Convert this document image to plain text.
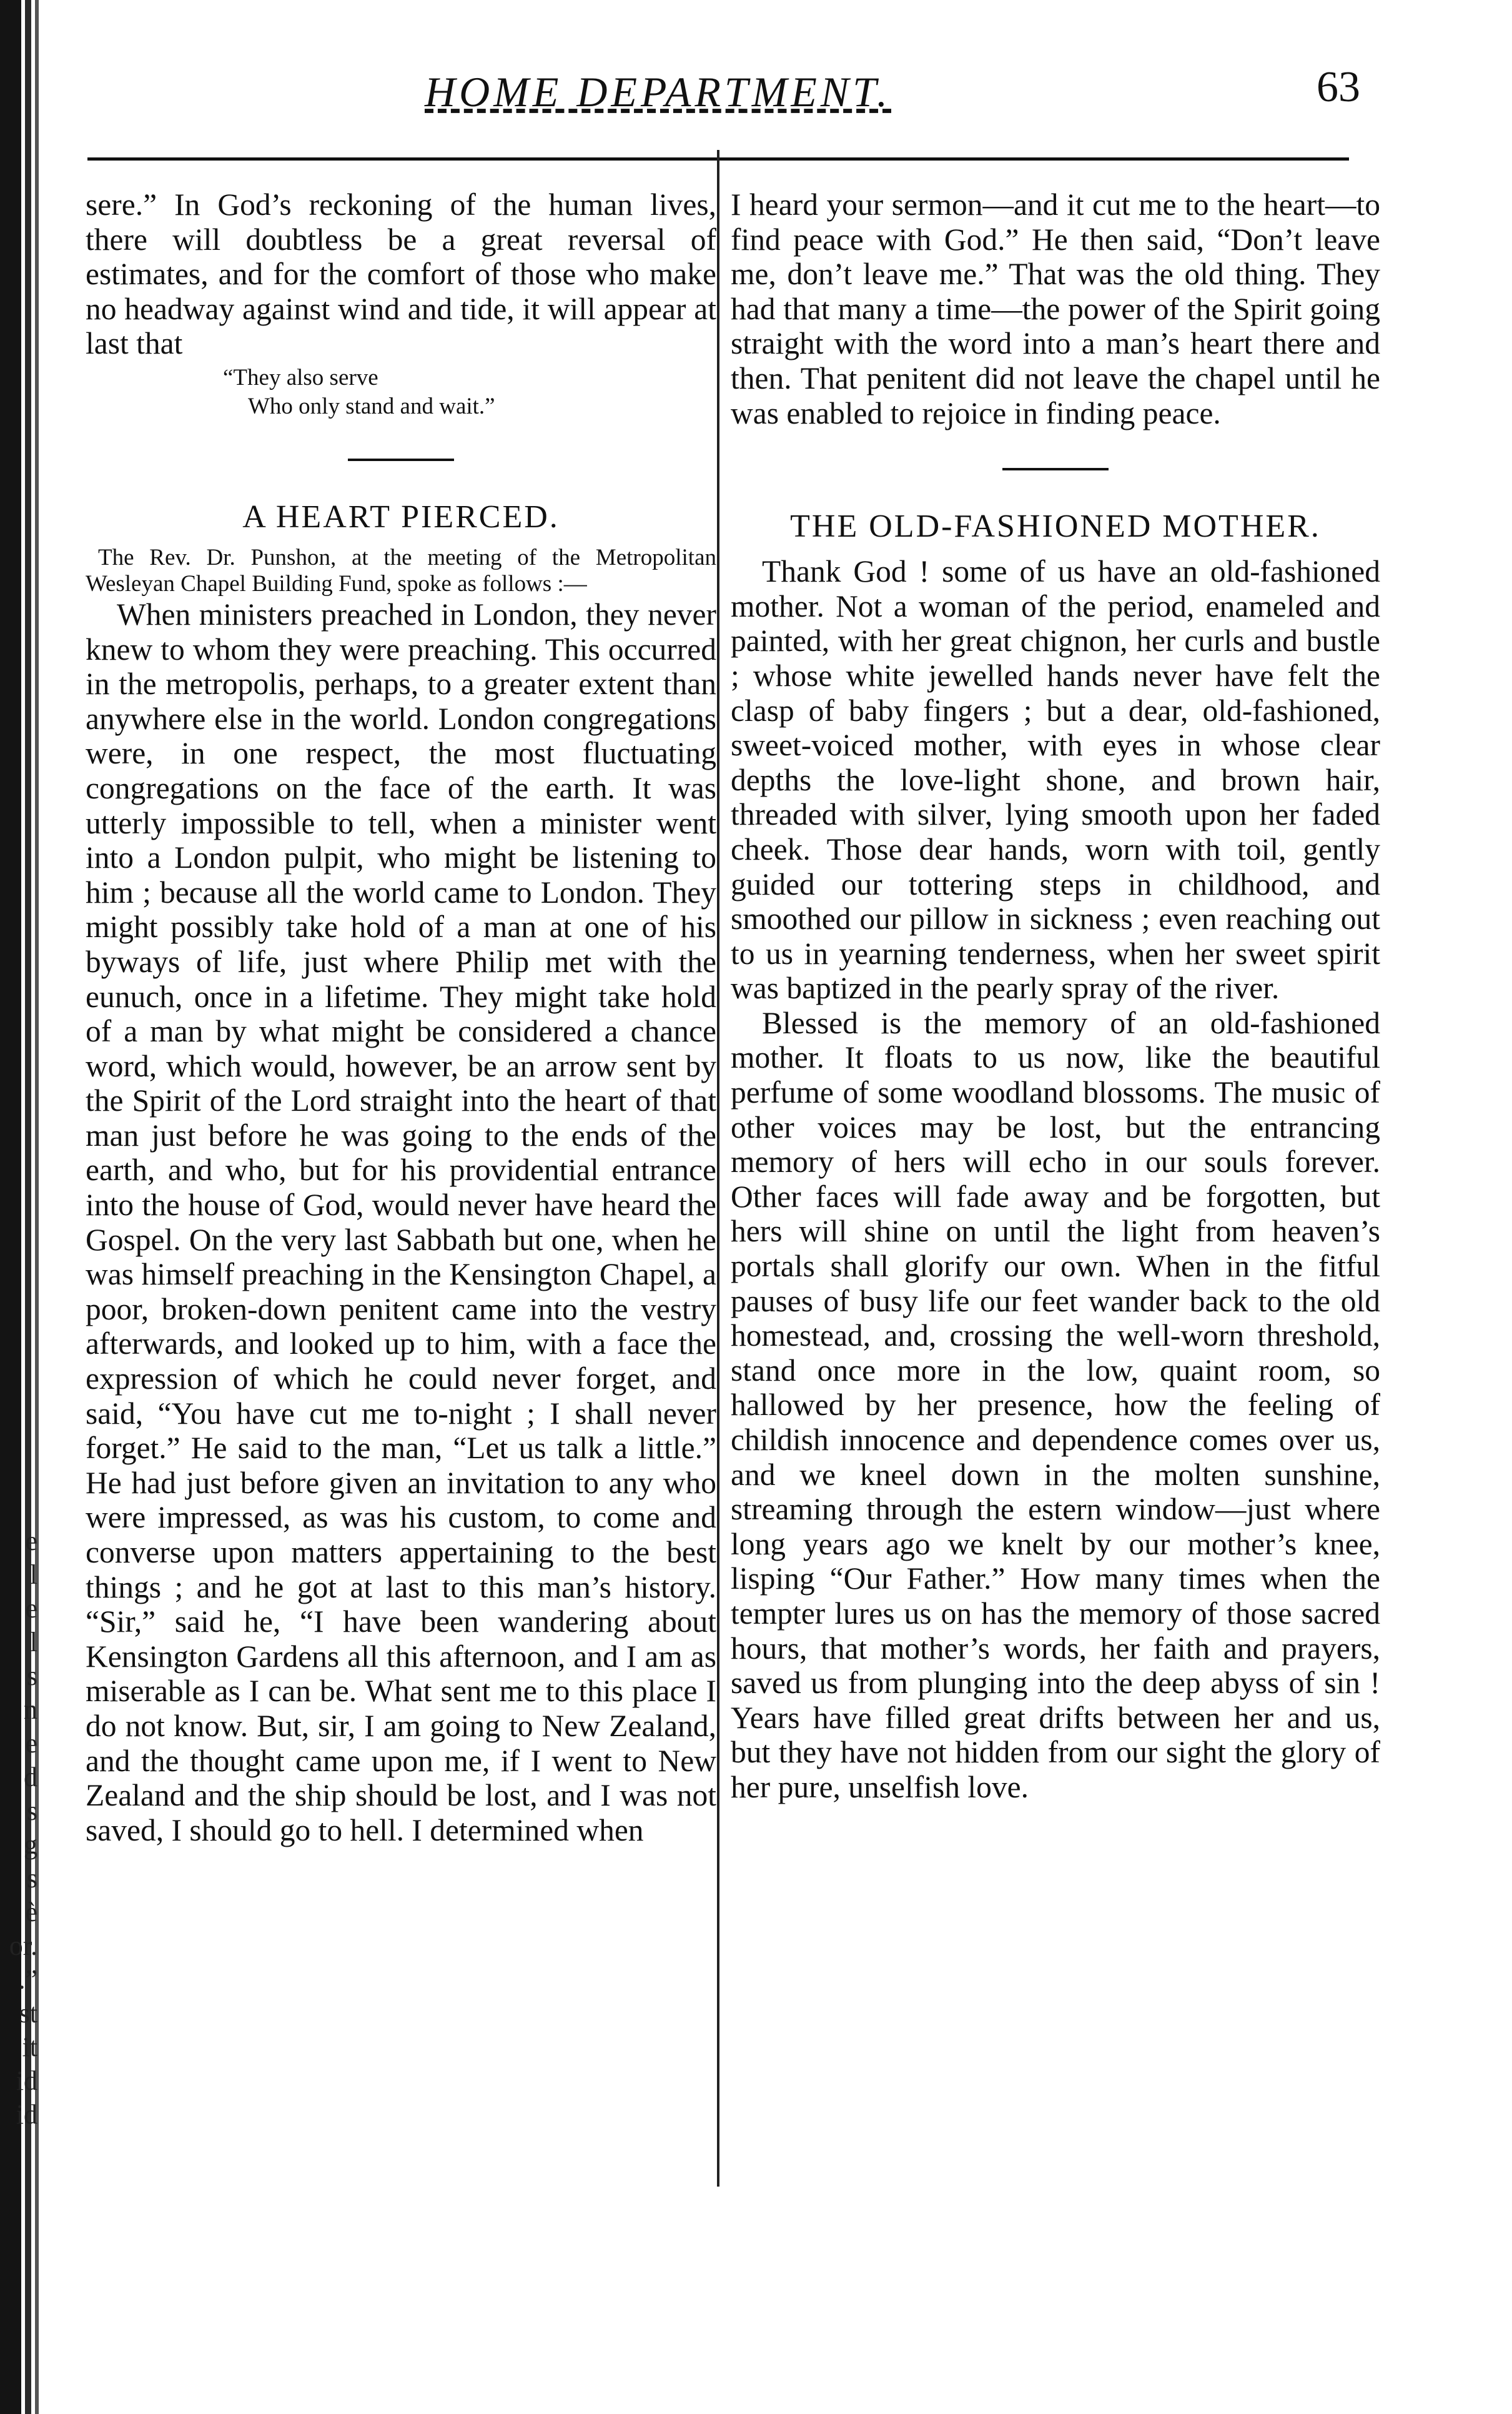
e
l
e
l
s
n
e
d
s
g
s
è
or.
.”
st
it
id
id
HOME DEPARTMENT.	63

sere.” In God’s reckoning of the human lives, there will doubtless be a great reversal of estimates, and for the comfort of those who make no headway against wind and tide, it will appear at last that

“They also serve
Who only stand and wait.”
A HEART PIERCED.

The Rev. Dr. Punshon, at the meeting of the Metropolitan Wesleyan Chapel Building Fund, spoke as follows :—

When ministers preached in London, they never knew to whom they were preaching. This occurred in the metropolis, perhaps, to a greater extent than anywhere else in the world. London congregations were, in one respect, the most fluctuating congregations on the face of the earth. It was utterly impossible to tell, when a minister went into a London pulpit, who might be listening to him ; because all the world came to London. They might possibly take hold of a man at one of his byways of life, just where Philip met with the eunuch, once in a lifetime. They might take hold of a man by what might be considered a chance word, which would, however, be an arrow sent by the Spirit of the Lord straight into the heart of that man just before he was going to the ends of the earth, and who, but for his providential entrance into the house of God, would never have heard the Gospel. On the very last Sabbath but one, when he was himself preaching in the Kensington Chapel, a poor, broken-down penitent came into the vestry afterwards, and looked up to him, with a face the expression of which he could never forget, and said, “You have cut me to-night ; I shall never forget.” He said to the man, “Let us talk a little.” He had just before given an invitation to any who were impressed, as was his custom, to come and converse upon matters appertaining to the best things ; and he got at last to this man’s history. “Sir,” said he, “I have been wandering about Kensington Gardens all this afternoon, and I am as miserable as I can be. What sent me to this place I do not know. But, sir, I am going to New Zealand, and the thought came upon me, if I went to New Zealand and the ship should be lost, and I was not saved, I should go to hell. I determined when

I heard your sermon—and it cut me to the heart—to find peace with God.” He then said, “Don’t leave me, don’t leave me.” That was the old thing. They had that many a time—the power of the Spirit going straight with the word into a man’s heart there and then. That penitent did not leave the chapel until he was enabled to rejoice in finding peace.

THE OLD-FASHIONED MOTHER.

Thank God ! some of us have an old-fashioned mother. Not a woman of the period, enameled and painted, with her great chignon, her curls and bustle ; whose white jewelled hands never have felt the clasp of baby fingers ; but a dear, old-fashioned, sweet-voiced mother, with eyes in whose clear depths the love-light shone, and brown hair, threaded with silver, lying smooth upon her faded cheek. Those dear hands, worn with toil, gently guided our tottering steps in childhood, and smoothed our pillow in sickness ; even reaching out to us in yearning tenderness, when her sweet spirit was baptized in the pearly spray of the river.

Blessed is the memory of an old-fashioned mother. It floats to us now, like the beautiful perfume of some woodland blossoms. The music of other voices may be lost, but the entrancing memory of hers will echo in our souls forever. Other faces will fade away and be forgotten, but hers will shine on until the light from heaven’s portals shall glorify our own. When in the fitful pauses of busy life our feet wander back to the old homestead, and, crossing the well-worn threshold, stand once more in the low, quaint room, so hallowed by her presence, how the feeling of childish innocence and dependence comes over us, and we kneel down in the molten sunshine, streaming through the estern window—just where long years ago we knelt by our mother’s knee, lisping “Our Father.” How many times when the tempter lures us on has the memory of those sacred hours, that mother’s words, her faith and prayers, saved us from plunging into the deep abyss of sin ! Years have filled great drifts between her and us, but they have not hidden from our sight the glory of her pure, unselfish love.
